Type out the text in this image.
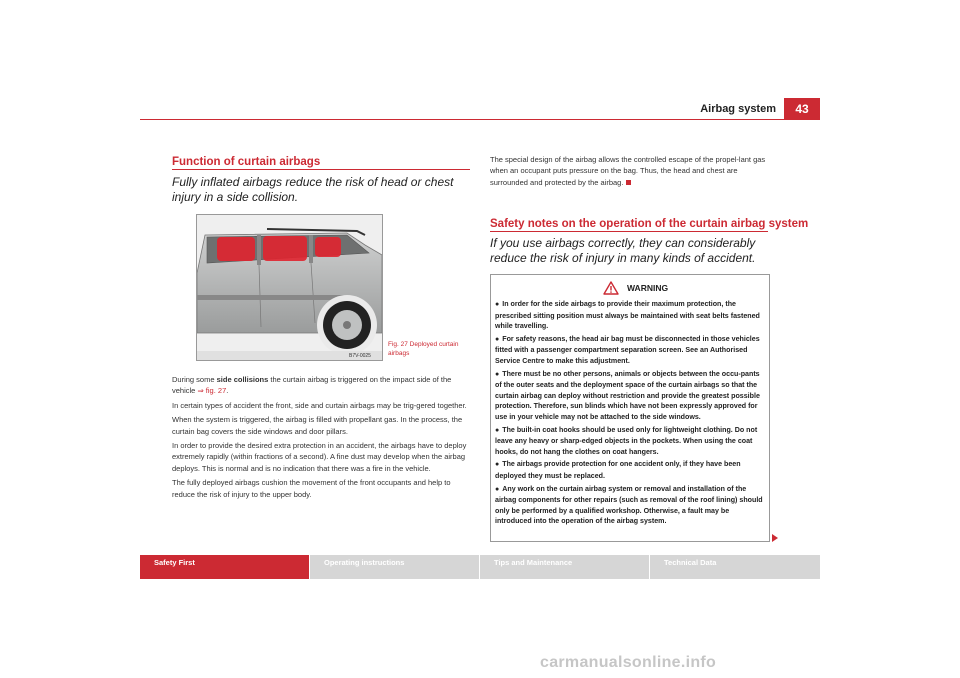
Airbag system	43
Function of curtain airbags
Fully inflated airbags reduce the risk of head or chest injury in a side collision.
B7V-0025
Fig. 27 Deployed curtain airbags

During some side collisions the curtain airbag is triggered on the impact side of the vehicle ⇒ fig. 27.

In certain types of accident the front, side and curtain airbags may be trig-gered together.

When the system is triggered, the airbag is filled with propellant gas. In the process, the curtain bag covers the side windows and door pillars.

In order to provide the desired extra protection in an accident, the airbags have to deploy extremely rapidly (within fractions of a second). A fine dust may develop when the airbag deploys. This is normal and is no indication that there was a fire in the vehicle.

The fully deployed airbags cushion the movement of the front occupants and help to reduce the risk of injury to the upper body.

The special design of the airbag allows the controlled escape of the propel-lant gas when an occupant puts pressure on the bag. Thus, the head and chest are surrounded and protected by the airbag.

Safety notes on the operation of the curtain airbag system
If you use airbags correctly, they can considerably reduce the risk of injury in many kinds of accident.
WARNING
● In order for the side airbags to provide their maximum protection, the prescribed sitting position must always be maintained with seat belts fastened while travelling.
● For safety reasons, the head air bag must be disconnected in those vehicles fitted with a passenger compartment separation screen. See an Authorised Service Centre to make this adjustment.
● There must be no other persons, animals or objects between the occu-pants of the outer seats and the deployment space of the curtain airbags so that the curtain airbag can deploy without restriction and provide the greatest possible protection. Therefore, sun blinds which have not been expressly approved for use in your vehicle may not be attached to the side windows.
● The built-in coat hooks should be used only for lightweight clothing. Do not leave any heavy or sharp-edged objects in the pockets. When using the coat hooks, do not hang the clothes on coat hangers.
● The airbags provide protection for one accident only, if they have been deployed they must be replaced.
● Any work on the curtain airbag system or removal and installation of the airbag components for other repairs (such as removal of the roof lining) should only be performed by a qualified workshop. Otherwise, a fault may be introduced into the operation of the airbag system.
Safety First	Operating instructions	Tips and Maintenance	Technical Data
carmanualsonline.info
